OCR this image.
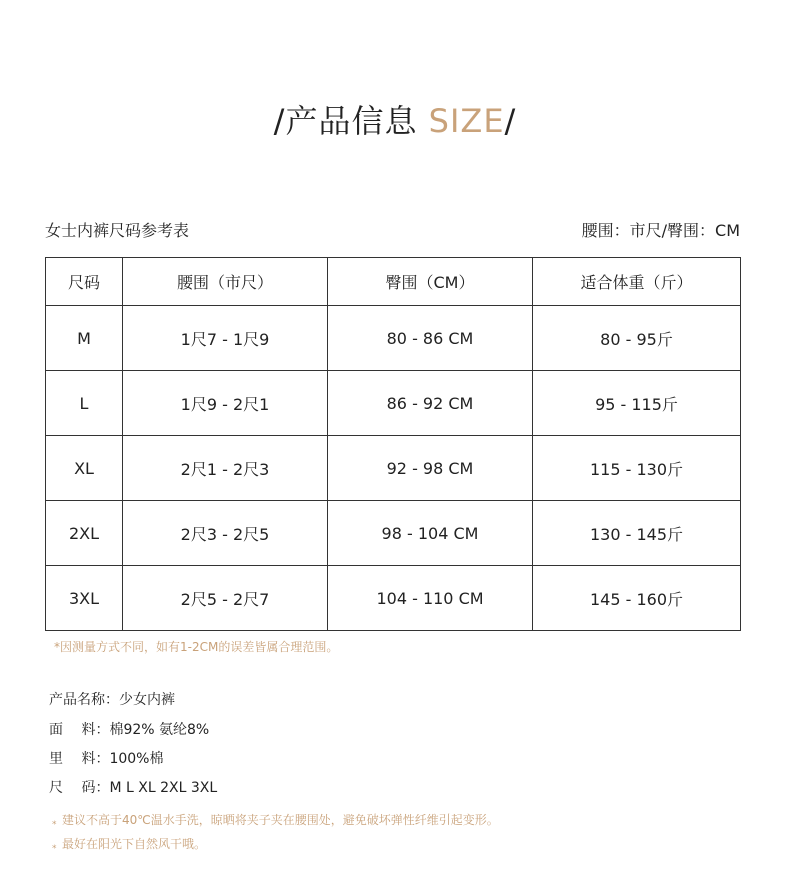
/产品信息 SIZE/
女士内裤尺码参考表	腰围：市尺/臀围：CM
尺码	腰围（市尺）	臀围（CM）	适合体重（斤）
M	1尺7 - 1尺9	80 - 86 CM	80 - 95斤
L	1尺9 - 2尺1	86 - 92 CM	95 - 115斤
XL	2尺1 - 2尺3	92 - 98 CM	115 - 130斤
2XL	2尺3 - 2尺5	98 - 104 CM	130 - 145斤
3XL	2尺5 - 2尺7	104 - 110 CM	145 - 160斤
*因测量方式不同，如有1-2CM的误差皆属合理范围。
产品名称：少女内裤
面　 料：棉92% 氨纶8%
里　 料：100%棉
尺　 码：M L XL 2XL 3XL
* 建议不高于40℃温水手洗，晾晒将夹子夹在腰围处，避免破坏弹性纤维引起变形。
* 最好在阳光下自然风干哦。
